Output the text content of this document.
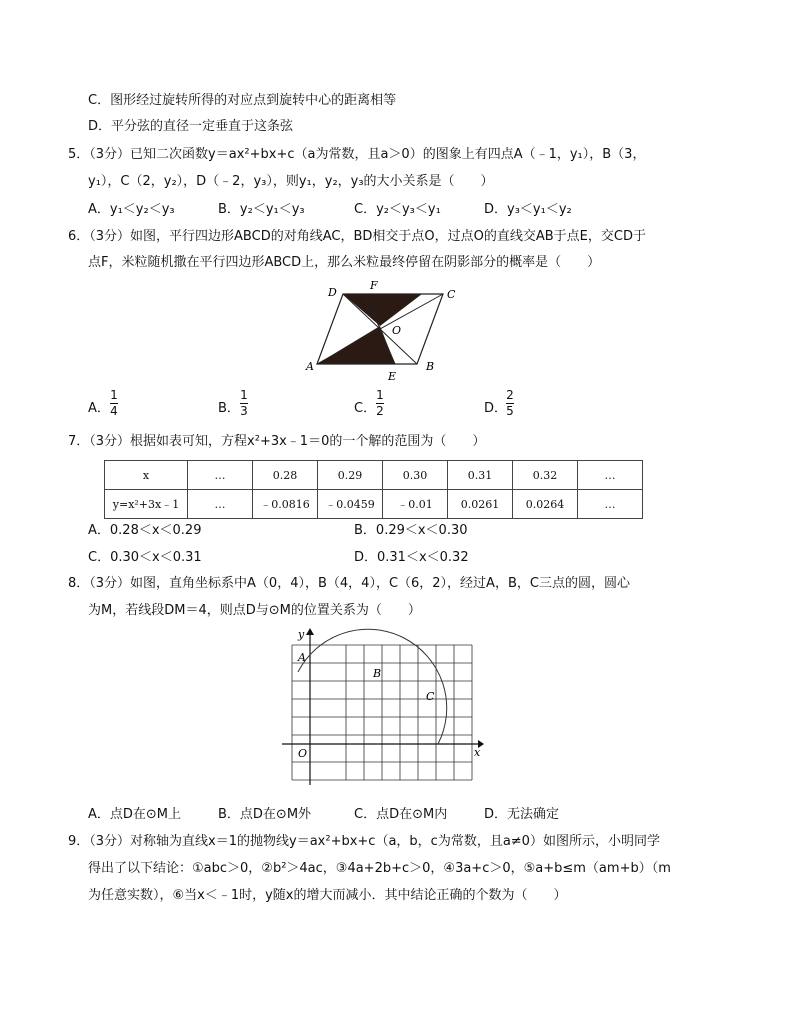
C．图形经过旋转所得的对应点到旋转中心的距离相等
D．平分弦的直径一定垂直于这条弦
5．（3分）已知二次函数y＝ax²+bx+c（a为常数，且a＞0）的图象上有四点A（﹣1，y₁），B（3，
y₁），C（2，y₂），D（﹣2，y₃），则y₁，y₂，y₃的大小关系是（　　）
A．y₁＜y₂＜y₃	B．y₂＜y₁＜y₃	C．y₂＜y₃＜y₁	D．y₃＜y₁＜y₂
6．（3分）如图，平行四边形ABCD的对角线AC，BD相交于点O，过点O的直线交AB于点E，交CD于
点F，米粒随机撒在平行四边形ABCD上，那么米粒最终停留在阴影部分的概率是（　　）
D
F
C
O
A
E
B
A．
1
4	B．
1
3	C．
1
2	D．
2
5
7．（3分）根据如表可知，方程x²+3x﹣1＝0的一个解的范围为（　　）
x	…	0.28	0.29	0.30	0.31	0.32	…
y=x²+3x﹣1	…	﹣0.0816	﹣0.0459	﹣0.01	0.0261	0.0264	…
A．0.28＜x＜0.29	B．0.29＜x＜0.30
C．0.30＜x＜0.31	D．0.31＜x＜0.32
8．（3分）如图，直角坐标系中A（0，4），B（4，4），C（6，2），经过A，B，C三点的圆，圆心
为M，若线段DM＝4，则点D与⊙M的位置关系为（　　）
y
A
B
C
O	x
A．点D在⊙M上	B．点D在⊙M外	C．点D在⊙M内	D．无法确定
9．（3分）对称轴为直线x＝1的抛物线y＝ax²+bx+c（a，b，c为常数，且a≠0）如图所示，小明同学
得出了以下结论：①abc＞0，②b²＞4ac，③4a+2b+c＞0，④3a+c＞0，⑤a+b≤m（am+b）（m
为任意实数），⑥当x＜﹣1时，y随x的增大而减小．其中结论正确的个数为（　　）
